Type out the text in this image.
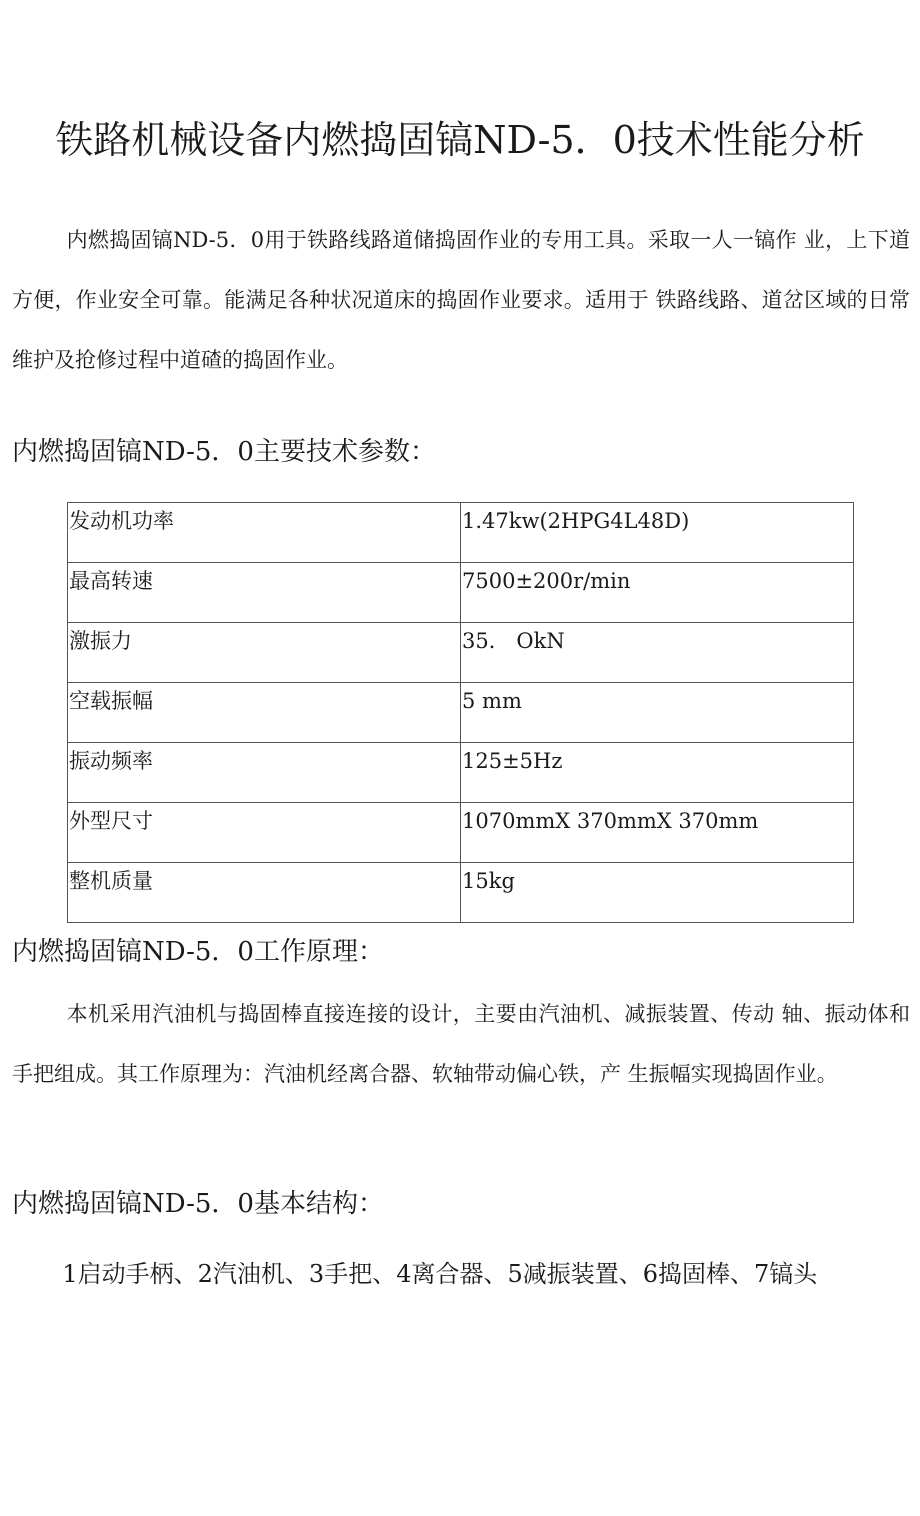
铁路机械设备内燃捣固镐ND-5．0技术性能分析

内燃捣固镐ND-5．0用于铁路线路道储捣固作业的专用工具。采取一人一镐作 业，上下道方便，作业安全可靠。能满足各种状况道床的捣固作业要求。适用于 铁路线路、道岔区域的日常维护及抢修过程中道碴的捣固作业。

内燃捣固镐ND-5．0主要技术参数：
发动机功率	1.47kw(2HPG4L48D)
最高转速	7500±200r/min
激振力	35． OkN
空载振幅	5 mm
振动频率	125±5Hz
外型尺寸	1070mmX 370mmX 370mm
整机质量	15kg
内燃捣固镐ND-5．0工作原理：

本机采用汽油机与捣固棒直接连接的设计，主要由汽油机、减振装置、传动 轴、振动体和手把组成。其工作原理为：汽油机经离合器、软轴带动偏心铁，产 生振幅实现捣固作业。

内燃捣固镐ND-5．0基本结构：

1启动手柄、2汽油机、3手把、4离合器、5减振装置、6捣固棒、7镐头
